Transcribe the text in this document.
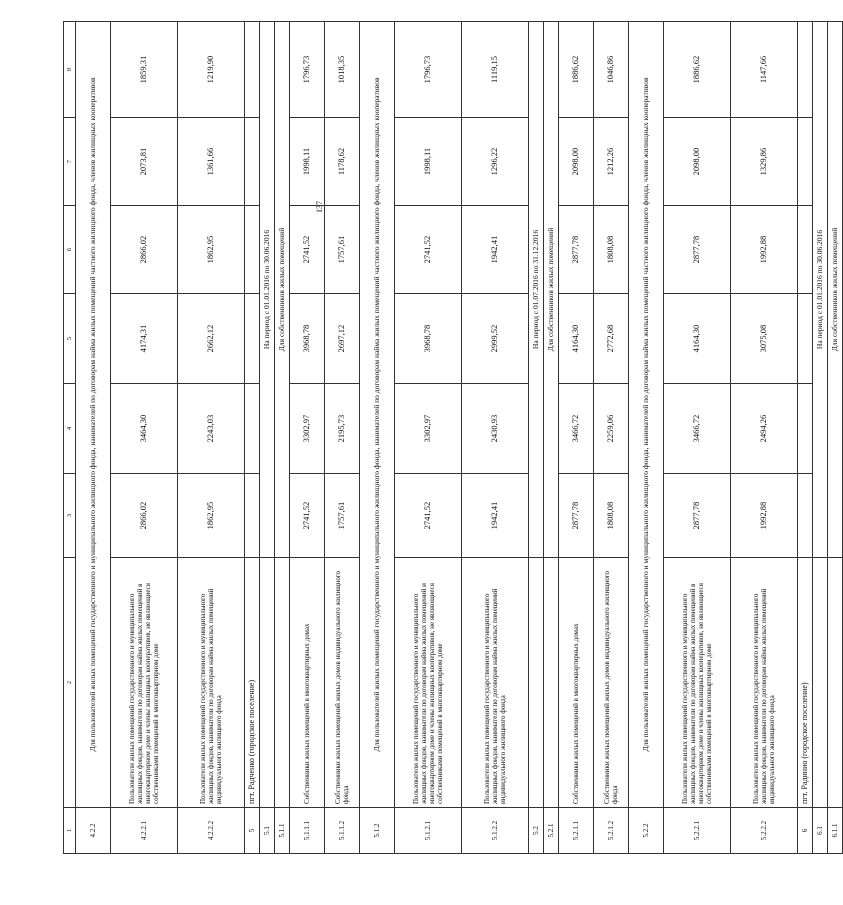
137
1	2	3	4	5	6	7	8
4.2.2	Для пользователей жилых помещений государственного и муниципального жилищного фонда, нанимателей по договорам найма жилых помещений частного жилищного фонда, членов жилищных кооперативов						
4.2.2.1	Пользователи жилых помещений государственного и муниципального жилищных фондов, наниматели по договорам найма жилых помещений в многоквартирном доме и члены жилищных кооперативов, не являющиеся собственниками помещений в многоквартирном доме	2866,02	3464,30	4174,31	2866,02	2073,81	1859,31
4.2.2.2	Пользователи жилых помещений государственного и муниципального жилищных фондов, наниматели по договорам найма жилых помещений индивидуального жилищного фонда	1862,95	2243,03	2662,12	1862,95	1361,66	1219,90
5	пгт. Радченко (городское поселение)						
5.1		На период с 01.01.2016 по 30.06.2016					
5.1.1		Для собственников жилых помещений					
5.1.1.1	Собственники жилых помещений в многоквартирных домах	2741,52	3302,97	3968,78	2741,52	1998,11	1796,73
5.1.1.2	Собственники жилых помещений жилых домов индивидуального жилищного фонда	1757,61	2195,73	2697,12	1757,61	1178,62	1018,35
5.1.2	Для пользователей жилых помещений государственного и муниципального жилищного фонда, нанимателей по договорам найма жилых помещений частного жилищного фонда, членов жилищных кооперативов						
5.1.2.1	Пользователи жилых помещений государственного и муниципального жилищных фондов, наниматели по договорам найма жилых помещений и многоквартирном доме и члены жилищных кооперативов, не являющиеся собственниками помещений в многоквартирном доме	2741,52	3302,97	3968,78	2741,52	1998,11	1796,73
5.1.2.2	Пользователи жилых помещений государственного и муниципального жилищных фондов, наниматели по договорам найма жилых помещений индивидуального жилищного фонда	1942,41	2430,93	2999,52	1942,41	1296,22	1119,15
5.2		На период с 01.07.2016 по 31.12.2016					
5.2.1		Для собственников жилых помещений					
5.2.1.1	Собственники жилых помещений в многоквартирных домах	2877,78	3466,72	4164,30	2877,78	2098,00	1886,62
5.2.1.2	Собственники жилых помещений жилых домов индивидуального жилищного фонда	1808,08	2259,06	2772,68	1808,08	1212,26	1046,86
5.2.2	Для пользователей жилых помещений государственного и муниципального жилищного фонда, нанимателей по договорам найма жилых помещений частного жилищного фонда, членов жилищных кооперативов						
5.2.2.1	Пользователи жилых помещений государственного и муниципального жилищных фондов, наниматели по договорам найма жилых помещений в многоквартирном доме и члены жилищных кооперативов, не являющиеся собственниками помещений в многоквартирном доме	2877,78	3466,72	4164,30	2877,78	2098,00	1886,62
5.2.2.2	Пользователи жилых помещений государственного и муниципального жилищных фондов, наниматели по договорам найма жилых помещений индивидуального жилищного фонда	1992,88	2494,26	3075,08	1992,88	1329,86	1147,66
6	пгт. Радинио (городское поселение)						
6.1		На период с 01.01.2016 по 30.06.2016					
6.1.1		Для собственников жилых помещений					
